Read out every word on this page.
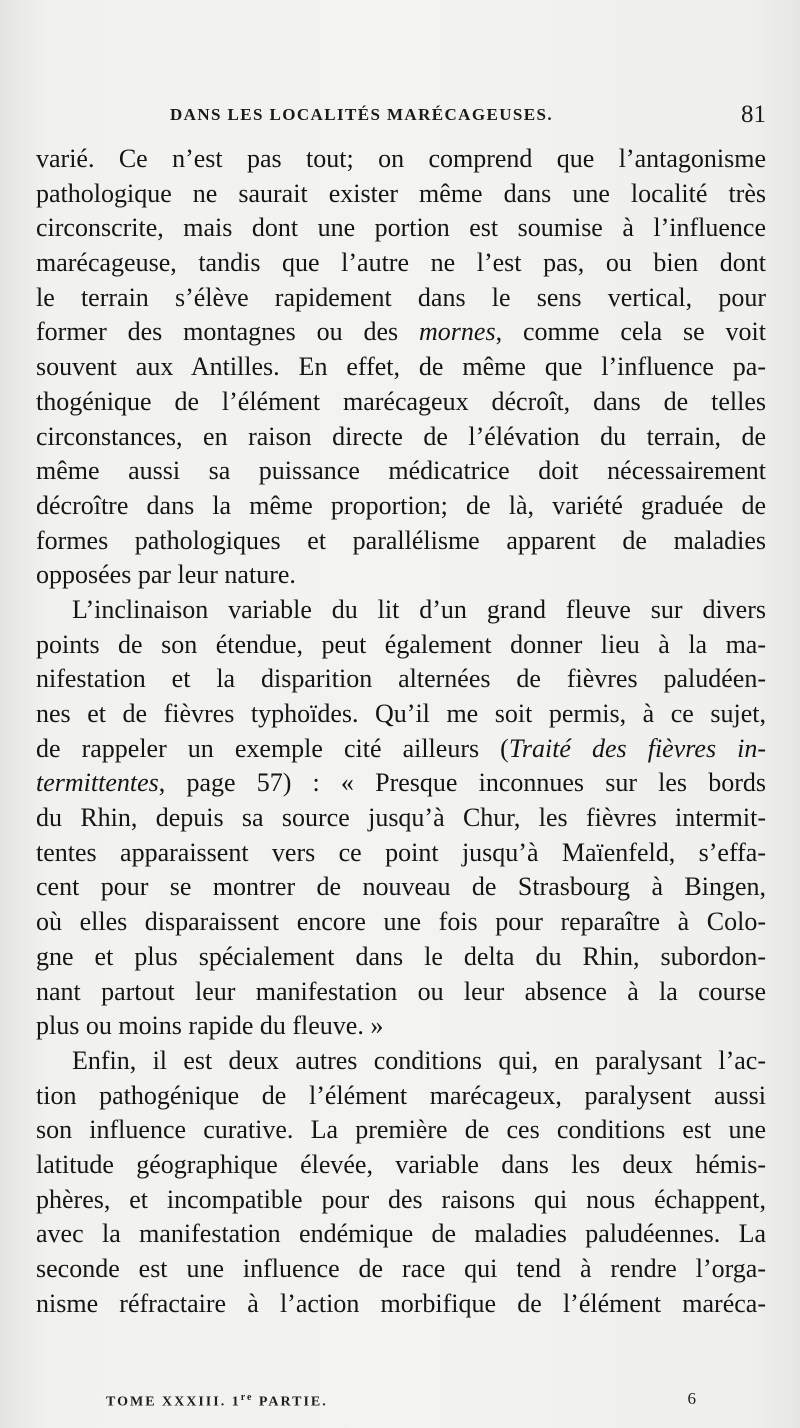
DANS LES LOCALITÉS MARÉCAGEUSES.	81
varié. Ce n’est pas tout; on comprend que l’antagonisme
pathologique ne saurait exister même dans une localité très
circonscrite, mais dont une portion est soumise à l’influence
marécageuse, tandis que l’autre ne l’est pas, ou bien dont
le terrain s’élève rapidement dans le sens vertical, pour
former des montagnes ou des mornes, comme cela se voit
souvent aux Antilles. En effet, de même que l’influence pa-
thogénique de l’élément marécageux décroît, dans de telles
circonstances, en raison directe de l’élévation du terrain, de
même aussi sa puissance médicatrice doit nécessairement
décroître dans la même proportion; de là, variété graduée de
formes pathologiques et parallélisme apparent de maladies
opposées par leur nature.
L’inclinaison variable du lit d’un grand fleuve sur divers
points de son étendue, peut également donner lieu à la ma-
nifestation et la disparition alternées de fièvres paludéen-
nes et de fièvres typhoïdes. Qu’il me soit permis, à ce sujet,
de rappeler un exemple cité ailleurs (Traité des fièvres in-
termittentes, page 57) : « Presque inconnues sur les bords
du Rhin, depuis sa source jusqu’à Chur, les fièvres intermit-
tentes apparaissent vers ce point jusqu’à Maïenfeld, s’effa-
cent pour se montrer de nouveau de Strasbourg à Bingen,
où elles disparaissent encore une fois pour reparaître à Colo-
gne et plus spécialement dans le delta du Rhin, subordon-
nant partout leur manifestation ou leur absence à la course
plus ou moins rapide du fleuve. »
Enfin, il est deux autres conditions qui, en paralysant l’ac-
tion pathogénique de l’élément marécageux, paralysent aussi
son influence curative. La première de ces conditions est une
latitude géographique élevée, variable dans les deux hémis-
phères, et incompatible pour des raisons qui nous échappent,
avec la manifestation endémique de maladies paludéennes. La
seconde est une influence de race qui tend à rendre l’orga-
nisme réfractaire à l’action morbifique de l’élément maréca-
TOME XXXIII. 1re PARTIE.	6
